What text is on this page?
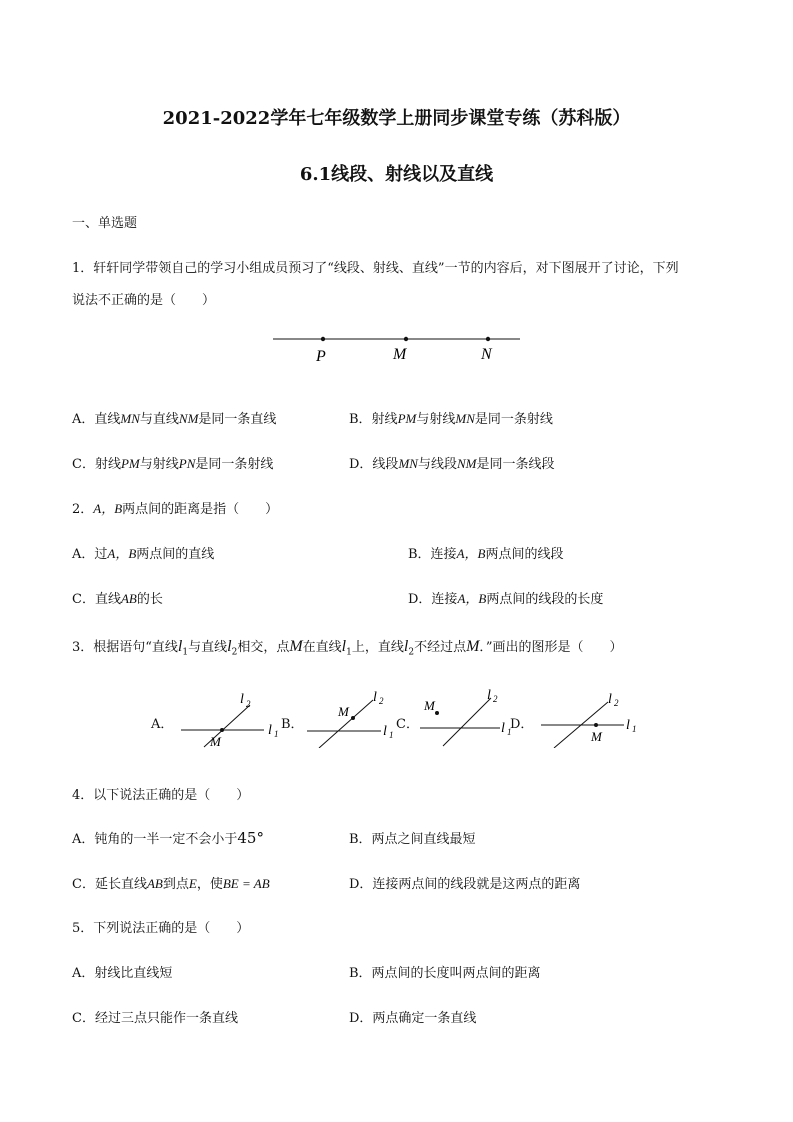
2021-2022学年七年级数学上册同步课堂专练（苏科版）
6.1线段、射线以及直线
一、单选题
1．轩轩同学带领自己的学习小组成员预习了“线段、射线、直线”一节的内容后，对下图展开了讨论，下列
说法不正确的是（　　）
P	M	N
A．直线MN与直线NM是同一条直线	B．射线PM与射线MN是同一条射线
C．射线PM与射线PN是同一条射线	D．线段MN与线段NM是同一条线段
2．A，B两点间的距离是指（　　）
A．过A，B两点间的直线	B．连接A，B两点间的线段
C．直线AB的长	D．连接A，B两点间的线段的长度
3．根据语句“直线$l_1$与直线$l_2$相交，点M在直线$l_1$上，直线$l_2$不经过点M．”画出的图形是（　　）
A．
M
l 2
l 1
B．
M
l 2
l 1
C．
M
l 2
l 1
D．
M
l 2
l 1
4．以下说法正确的是（　　）
A．钝角的一半一定不会小于45°	B．两点之间直线最短
C．延长直线AB到点E，使BE = AB	D．连接两点间的线段就是这两点的距离
5．下列说法正确的是（　　）
A．射线比直线短	B．两点间的长度叫两点间的距离
C．经过三点只能作一条直线	D．两点确定一条直线
